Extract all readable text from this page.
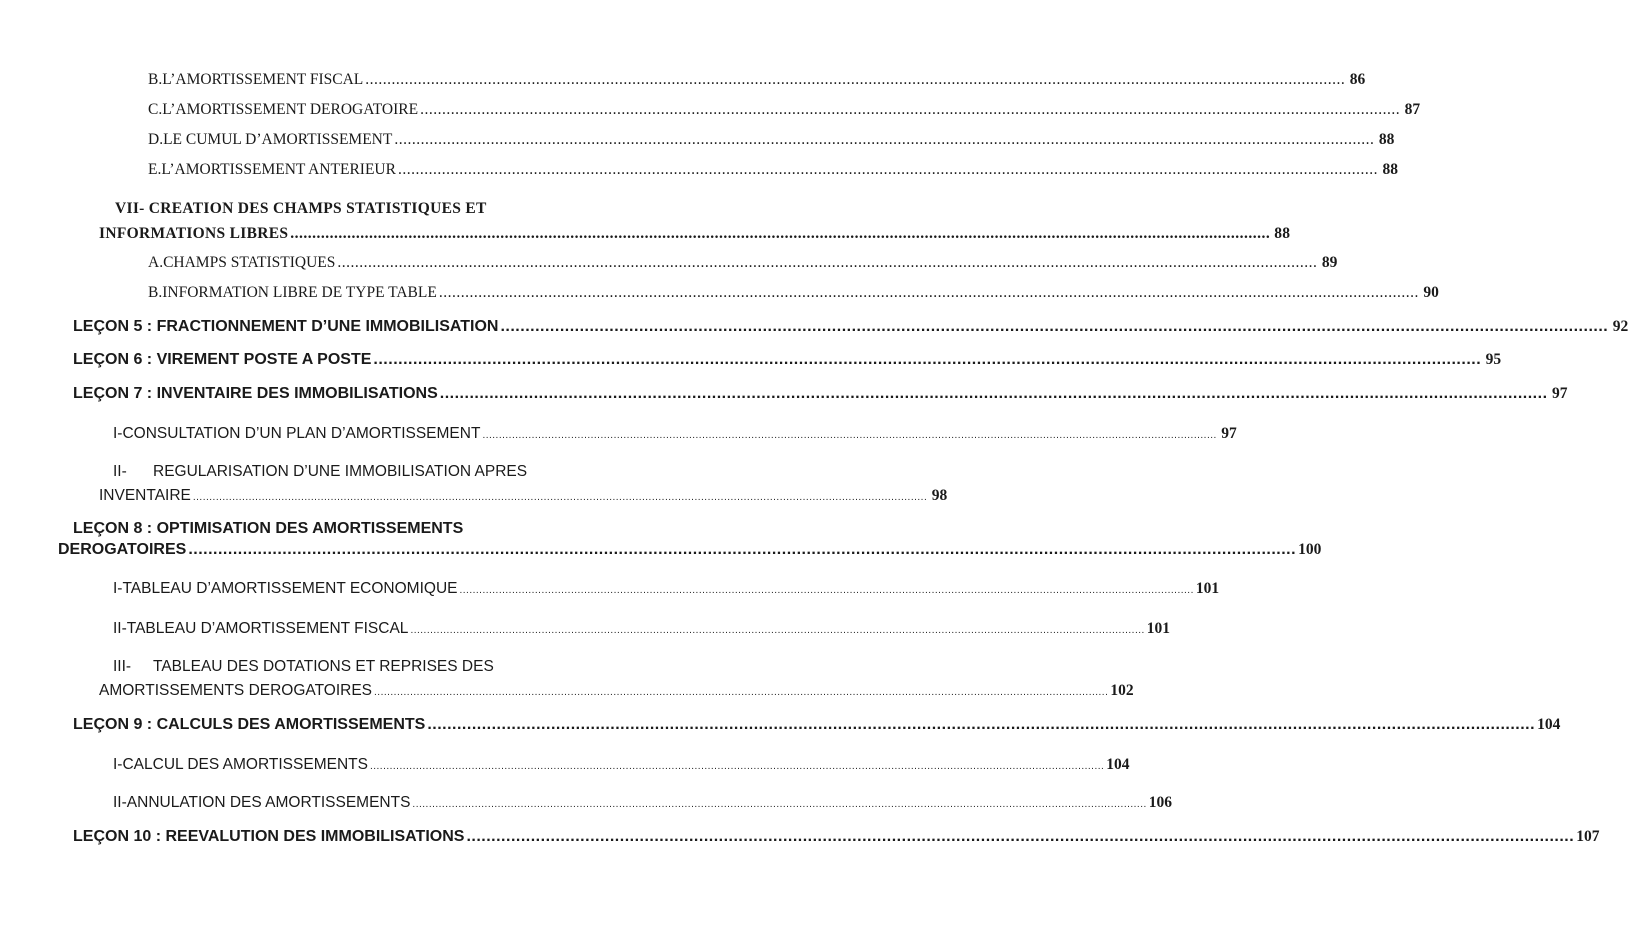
B. L’AMORTISSEMENT FISCAL .....	86
C. L’AMORTISSEMENT DEROGATOIRE .....	87
D. LE CUMUL D’AMORTISSEMENT .....	88
E. L’AMORTISSEMENT ANTERIEUR .....	88
VII- CREATION DES CHAMPS STATISTIQUES ET
INFORMATIONS LIBRES .....	88
A. CHAMPS STATISTIQUES .....	89
B. INFORMATION LIBRE DE TYPE TABLE .....	90
LEÇON 5 : FRACTIONNEMENT D’UNE IMMOBILISATION .....	92
LEÇON 6 : VIREMENT POSTE A POSTE .....	95
LEÇON 7 : INVENTAIRE DES IMMOBILISATIONS .....	97
I- CONSULTATION D’UN PLAN D’AMORTISSEMENT .....	97
II- REGULARISATION D’UNE IMMOBILISATION APRES
INVENTAIRE .....	98
LEÇON 8 : OPTIMISATION DES AMORTISSEMENTS
DEROGATOIRES .....	100
I- TABLEAU D’AMORTISSEMENT ECONOMIQUE .....	101
II- TABLEAU D’AMORTISSEMENT FISCAL .....	101
III- TABLEAU DES DOTATIONS ET REPRISES DES
AMORTISSEMENTS DEROGATOIRES .....	102
LEÇON 9 : CALCULS DES AMORTISSEMENTS .....	104
I- CALCUL DES AMORTISSEMENTS .....	104
II- ANNULATION DES AMORTISSEMENTS .....	106
LEÇON 10 : REEVALUTION DES IMMOBILISATIONS .....	107
